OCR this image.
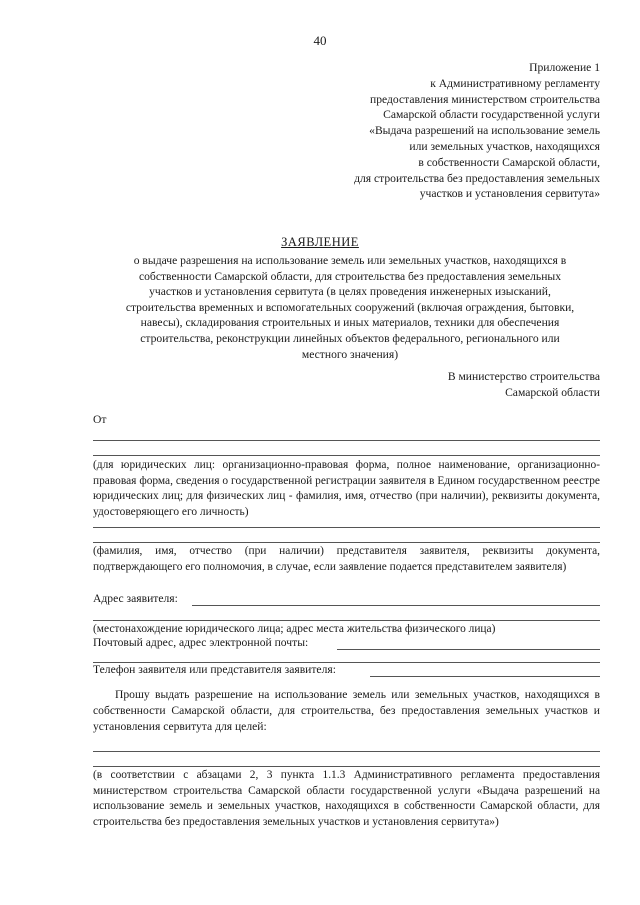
40
Приложение 1
к Административному регламенту
предоставления министерством строительства
Самарской области государственной услуги
«Выдача разрешений на использование земель
или земельных участков, находящихся
в собственности Самарской области,
для строительства без предоставления земельных
участков и установления сервитута»
ЗАЯВЛЕНИЕ
о выдаче разрешения на использование земель или земельных участков, находящихся в
собственности Самарской области, для строительства без предоставления земельных
участков и установления сервитута (в целях проведения инженерных изысканий,
строительства временных и вспомогательных сооружений (включая ограждения, бытовки,
навесы), складирования строительных и иных материалов, техники для обеспечения
строительства, реконструкции линейных объектов федерального, регионального или
местного значения)
В министерство строительства
Самарской области
От
(для юридических лиц: организационно-правовая форма, полное наименование, организационно-правовая форма, сведения о государственной регистрации заявителя в Едином государственном реестре юридических лиц; для физических лиц - фамилия, имя, отчество (при наличии), реквизиты документа, удостоверяющего его личность)
(фамилия, имя, отчество (при наличии) представителя заявителя, реквизиты документа, подтверждающего его полномочия, в случае, если заявление подается представителем заявителя)
Адрес заявителя:
(местонахождение юридического лица; адрес места жительства физического лица)
Почтовый адрес, адрес электронной почты:
Телефон заявителя или представителя заявителя:
Прошу выдать разрешение на использование земель или земельных участков, находящихся в собственности Самарской области, для строительства, без предоставления земельных участков и установления сервитута для целей:
(в соответствии с абзацами 2, 3 пункта 1.1.3 Административного регламента предоставления министерством строительства Самарской области государственной услуги «Выдача разрешений на использование земель и земельных участков, находящихся в собственности Самарской области, для строительства без предоставления земельных участков и установления сервитута»)
